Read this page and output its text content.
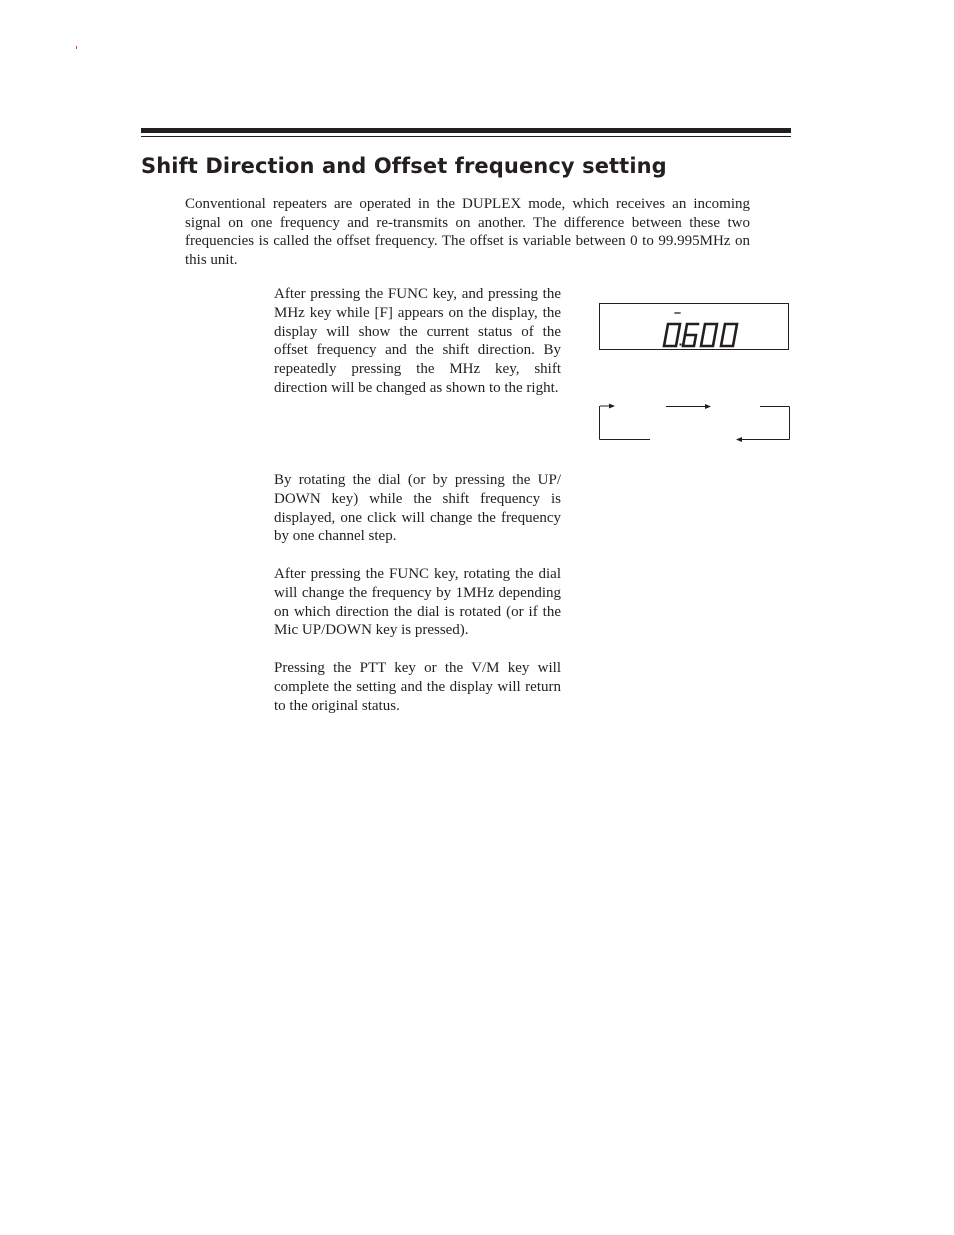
Shift Direction and Offset frequency setting

Conventional repeaters are operated in the DUPLEX mode, which receives an incoming signal on one frequency and re-transmits on another. The difference between these two frequencies is called the offset frequency. The offset is variable between 0 to 99.995MHz on this unit.

After pressing the FUNC key, and pressing the MHz key while [F] appears on the display, the display will show the current status of the offset frequency and the shift direction. By repeatedly pressing the MHz key, shift direction will be changed as shown to the right.

By rotating the dial (or by pressing the UP/ DOWN key) while the shift frequency is displayed, one click will change the frequency by one channel step.

After pressing the FUNC key, rotating the dial will change the frequency by 1MHz depending on which direction the dial is rotated (or if the Mic UP/DOWN key is pressed).

Pressing the PTT key or the V/M key will complete the setting and the display will return to the original status.
